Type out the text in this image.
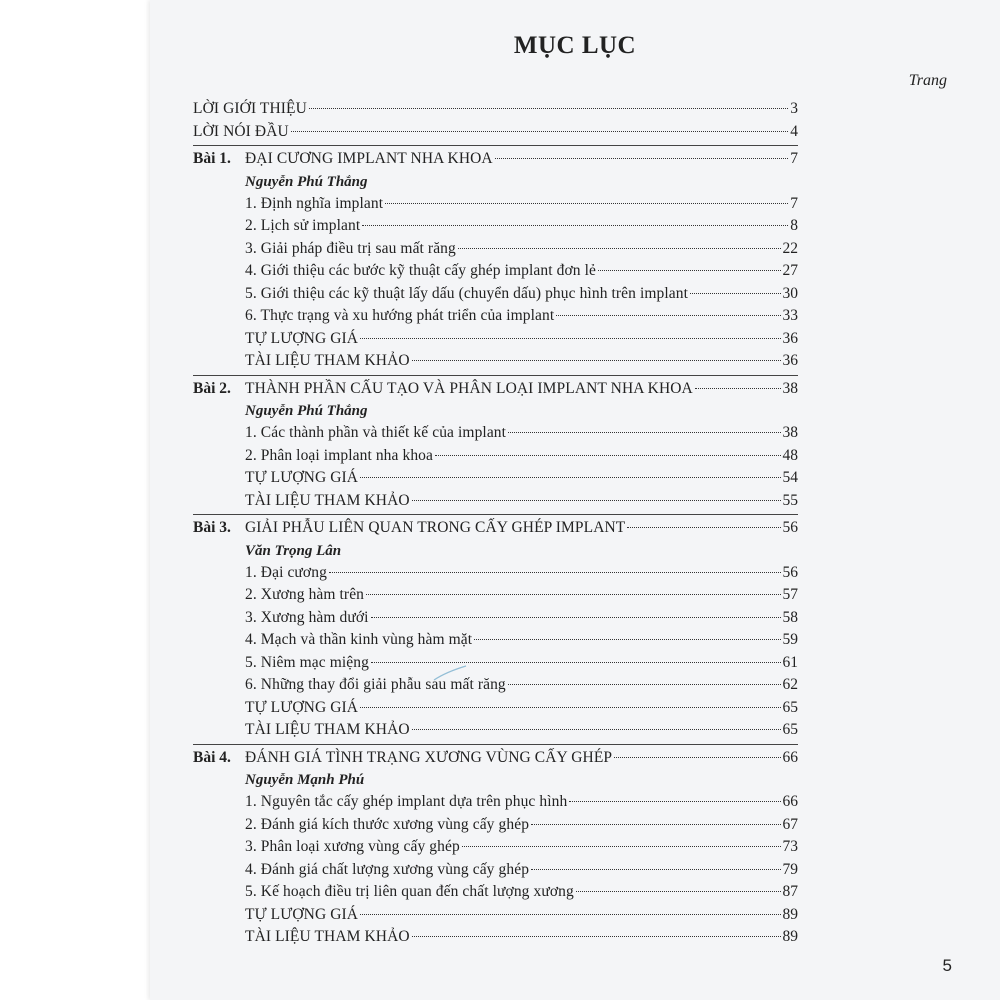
MỤC LỤC
Trang
LỜI GIỚI THIỆU	3
LỜI NÓI ĐẦU	4
Bài 1. ĐẠI CƯƠNG IMPLANT NHA KHOA	7
Nguyễn Phú Thắng
1. Định nghĩa implant	7
2. Lịch sử implant	8
3. Giải pháp điều trị sau mất răng	22
4. Giới thiệu các bước kỹ thuật cấy ghép implant đơn lẻ	27
5. Giới thiệu các kỹ thuật lấy dấu (chuyển dấu) phục hình trên implant	30
6. Thực trạng và xu hướng phát triển của implant	33
TỰ LƯỢNG GIÁ	36
TÀI LIỆU THAM KHẢO	36
Bài 2. THÀNH PHẦN CẤU TẠO VÀ PHÂN LOẠI IMPLANT NHA KHOA	38
Nguyễn Phú Thắng
1. Các thành phần và thiết kế của implant	38
2. Phân loại implant nha khoa	48
TỰ LƯỢNG GIÁ	54
TÀI LIỆU THAM KHẢO	55
Bài 3. GIẢI PHẪU LIÊN QUAN TRONG CẤY GHÉP IMPLANT	56
Văn Trọng Lân
1. Đại cương	56
2. Xương hàm trên	57
3. Xương hàm dưới	58
4. Mạch và thần kinh vùng hàm mặt	59
5. Niêm mạc miệng	61
6. Những thay đổi giải phẫu sau mất răng	62
TỰ LƯỢNG GIÁ	65
TÀI LIỆU THAM KHẢO	65
Bài 4. ĐÁNH GIÁ TÌNH TRẠNG XƯƠNG VÙNG CẤY GHÉP	66
Nguyễn Mạnh Phú
1. Nguyên tắc cấy ghép implant dựa trên phục hình	66
2. Đánh giá kích thước xương vùng cấy ghép	67
3. Phân loại xương vùng cấy ghép	73
4. Đánh giá chất lượng xương vùng cấy ghép	79
5. Kế hoạch điều trị liên quan đến chất lượng xương	87
TỰ LƯỢNG GIÁ	89
TÀI LIỆU THAM KHẢO	89
5
